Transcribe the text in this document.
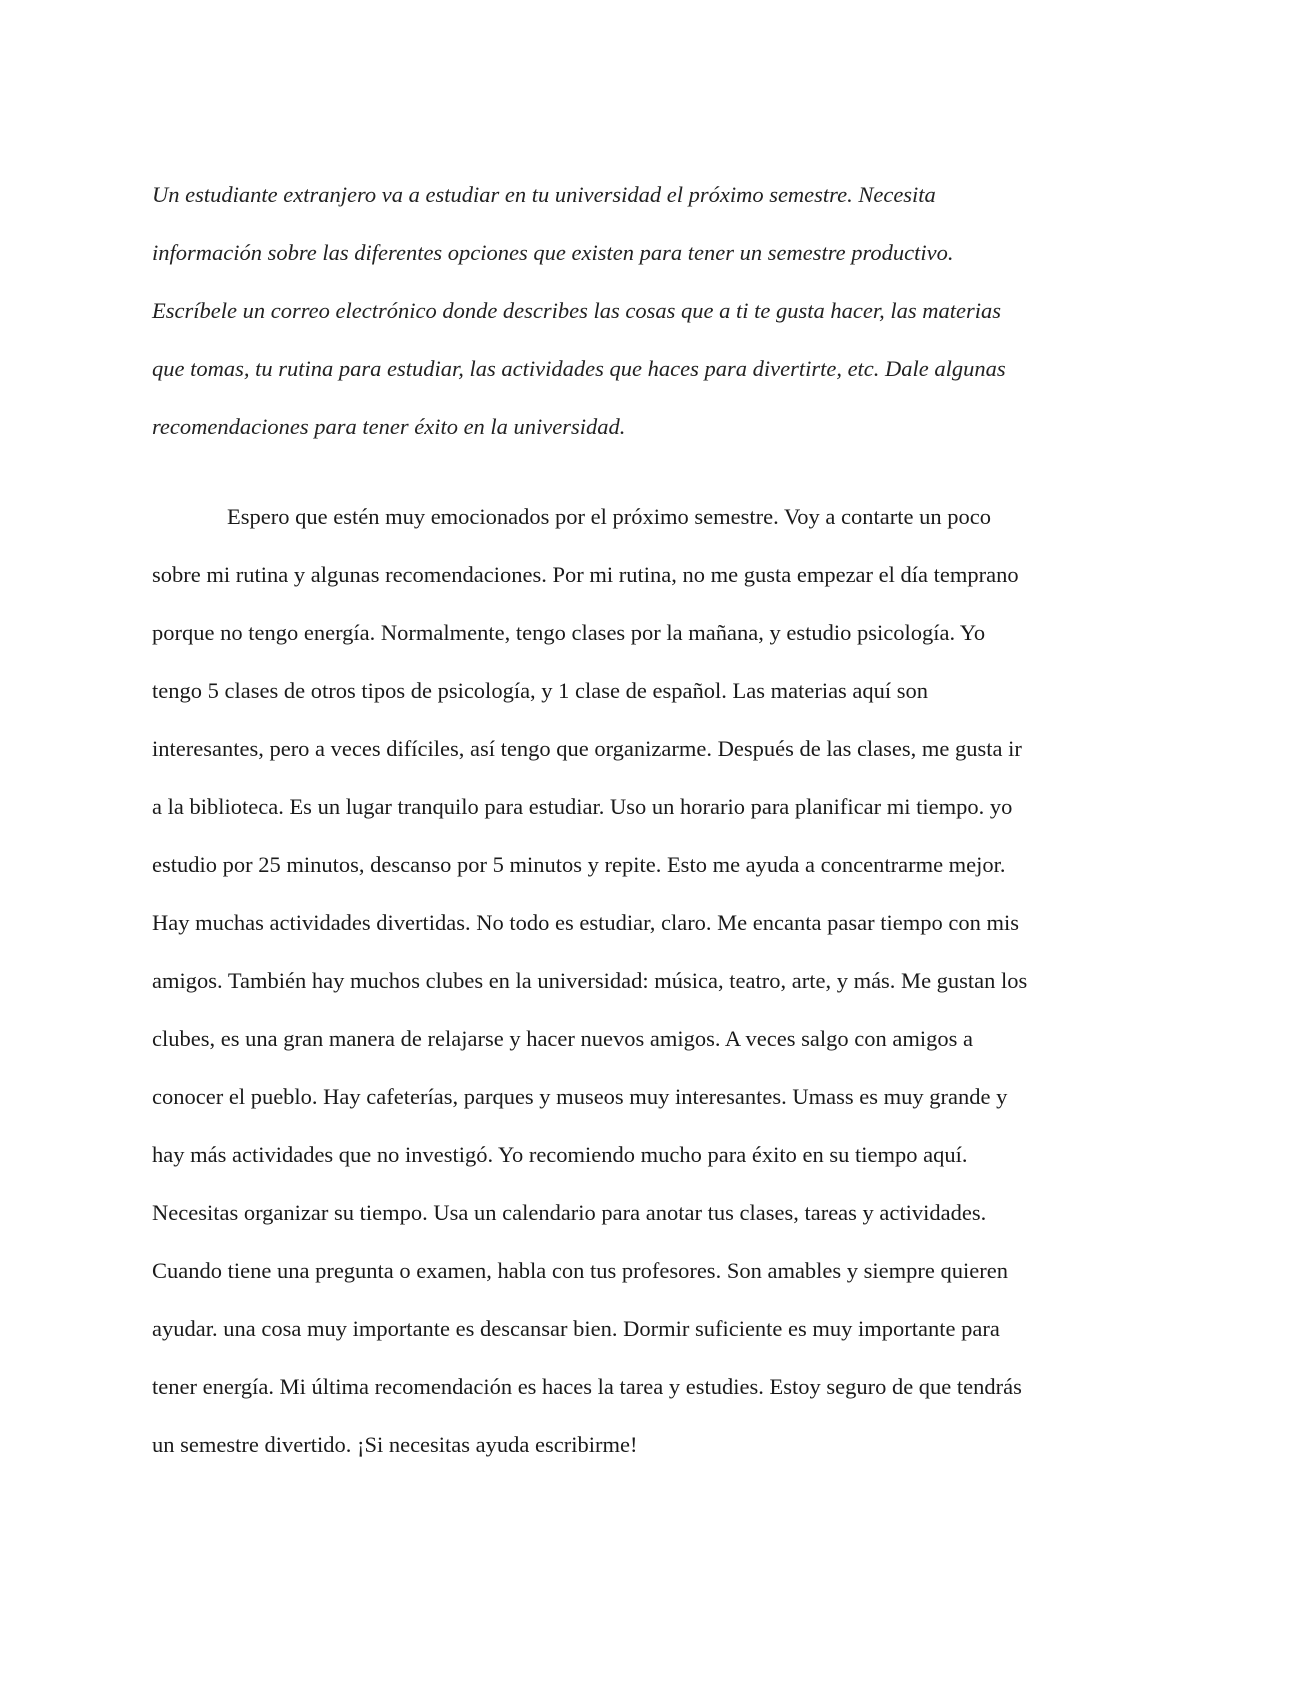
Un estudiante extranjero va a estudiar en tu universidad el próximo semestre. Necesita
información sobre las diferentes opciones que existen para tener un semestre productivo.
Escríbele un correo electrónico donde describes las cosas que a ti te gusta hacer, las materias
que tomas, tu rutina para estudiar, las actividades que haces para divertirte, etc. Dale algunas
recomendaciones para tener éxito en la universidad.
Espero que estén muy emocionados por el próximo semestre. Voy a contarte un poco
sobre mi rutina y algunas recomendaciones. Por mi rutina, no me gusta empezar el día temprano
porque no tengo energía. Normalmente, tengo clases por la mañana, y estudio psicología. Yo
tengo 5 clases de otros tipos de psicología, y 1 clase de español. Las materias aquí son
interesantes, pero a veces difíciles, así tengo que organizarme. Después de las clases, me gusta ir
a la biblioteca. Es un lugar tranquilo para estudiar. Uso un horario para planificar mi tiempo. yo
estudio por 25 minutos, descanso por 5 minutos y repite. Esto me ayuda a concentrarme mejor.
Hay muchas actividades divertidas. No todo es estudiar, claro. Me encanta pasar tiempo con mis
amigos. También hay muchos clubes en la universidad: música, teatro, arte, y más. Me gustan los
clubes, es una gran manera de relajarse y hacer nuevos amigos. A veces salgo con amigos a
conocer el pueblo. Hay cafeterías, parques y museos muy interesantes. Umass es muy grande y
hay más actividades que no investigó. Yo recomiendo mucho para éxito en su tiempo aquí.
Necesitas organizar su tiempo. Usa un calendario para anotar tus clases, tareas y actividades.
Cuando tiene una pregunta o examen, habla con tus profesores. Son amables y siempre quieren
ayudar. una cosa muy importante es descansar bien. Dormir suficiente es muy importante para
tener energía. Mi última recomendación es haces la tarea y estudies. Estoy seguro de que tendrás
un semestre divertido. ¡Si necesitas ayuda escribirme!
